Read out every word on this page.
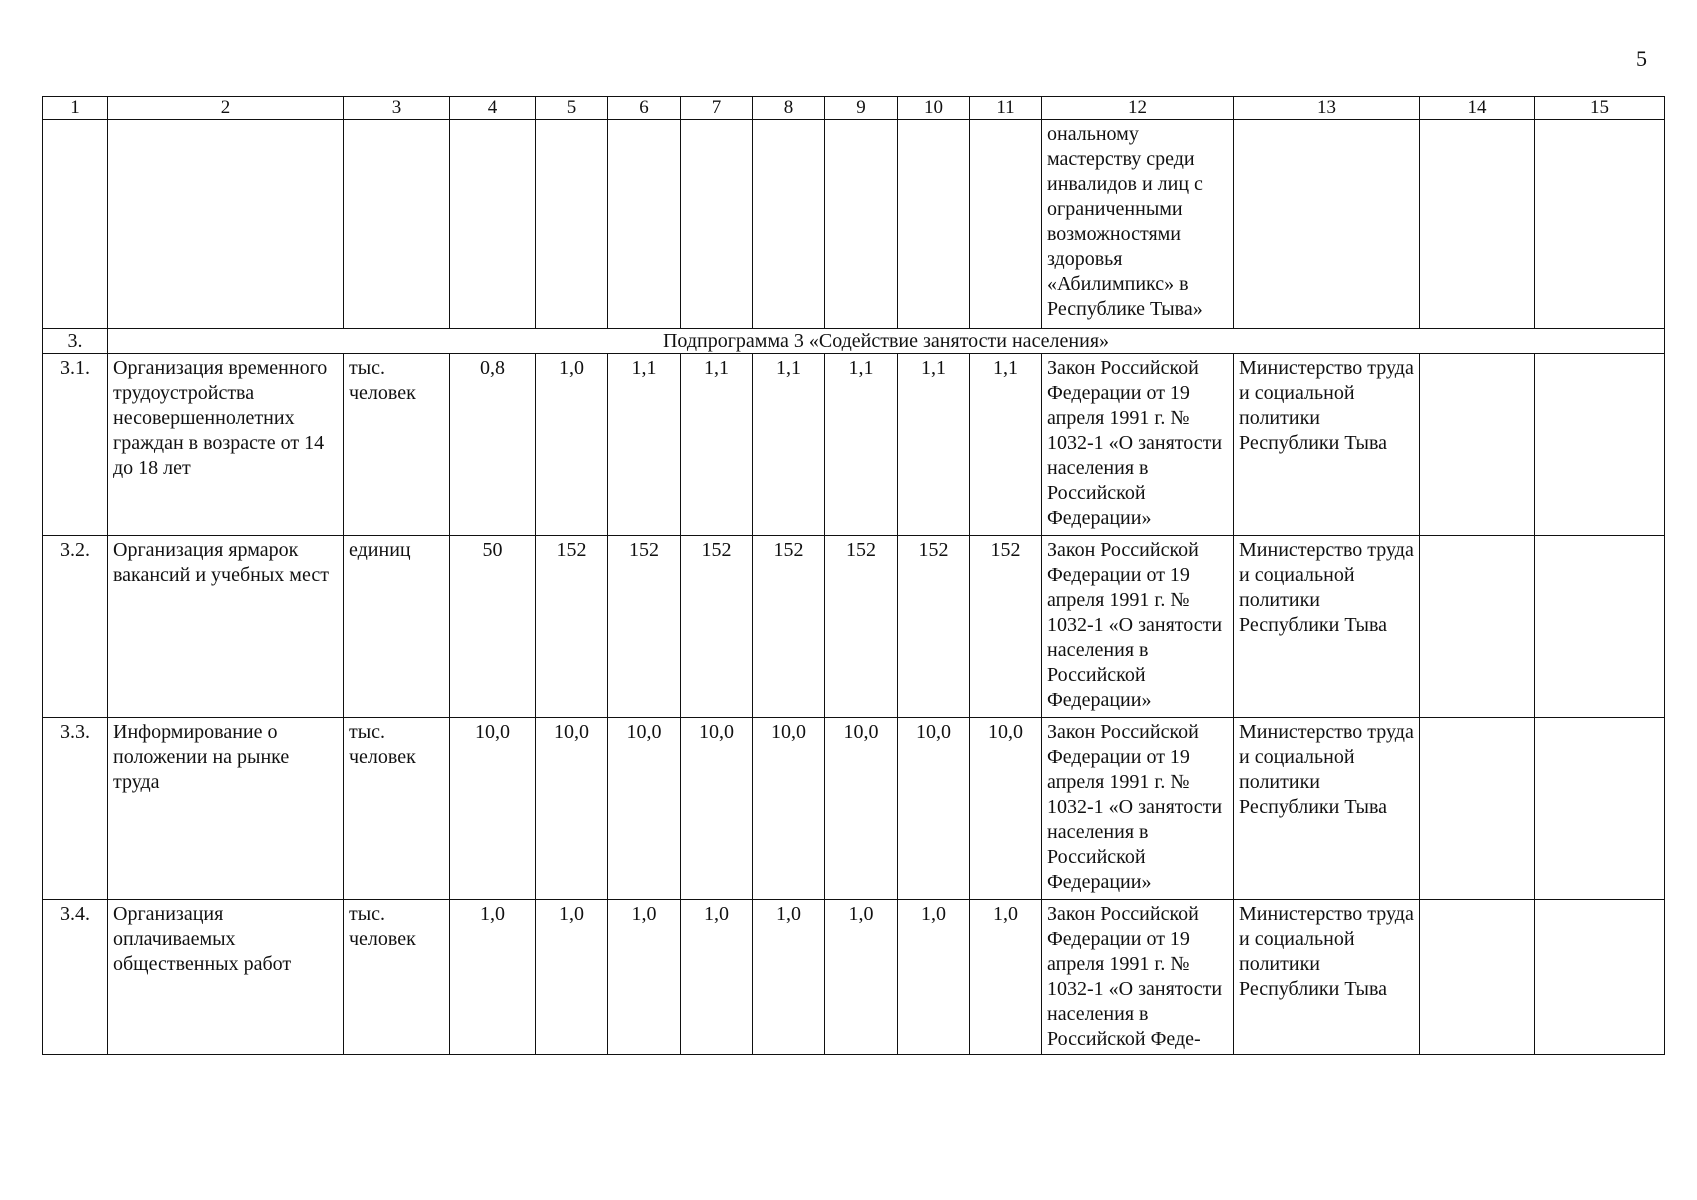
5
1	2	3	4	5	6	7	8	9	10	11	12	13	14	15
											ональному мастерству среди инвалидов и лиц с ограниченными возможностями здоровья «Абилимпикс» в Республике Тыва»			
3.	Подпрограмма 3 «Содействие занятости населения»													
3.1.	Организация временного трудоустройства несовершеннолетних граждан в возрасте от 14 до 18 лет	тыс. человек	0,8	1,0	1,1	1,1	1,1	1,1	1,1	1,1	Закон Российской Федерации от 19 апреля 1991 г. № 1032-1 «О занятости населения в Российской Федерации»	Министерство труда и социальной политики Республики Тыва		
3.2.	Организация ярмарок вакансий и учебных мест	единиц	50	152	152	152	152	152	152	152	Закон Российской Федерации от 19 апреля 1991 г. № 1032-1 «О занятости населения в Российской Федерации»	Министерство труда и социальной политики Республики Тыва		
3.3.	Информирование о положении на рынке труда	тыс. человек	10,0	10,0	10,0	10,0	10,0	10,0	10,0	10,0	Закон Российской Федерации от 19 апреля 1991 г. № 1032-1 «О занятости населения в Российской Федерации»	Министерство труда и социальной политики Республики Тыва		
3.4.	Организация оплачиваемых общественных работ	тыс. человек	1,0	1,0	1,0	1,0	1,0	1,0	1,0	1,0	Закон Российской Федерации от 19 апреля 1991 г. № 1032-1 «О занятости населения в Российской Феде-	Министерство труда и социальной политики Республики Тыва		
